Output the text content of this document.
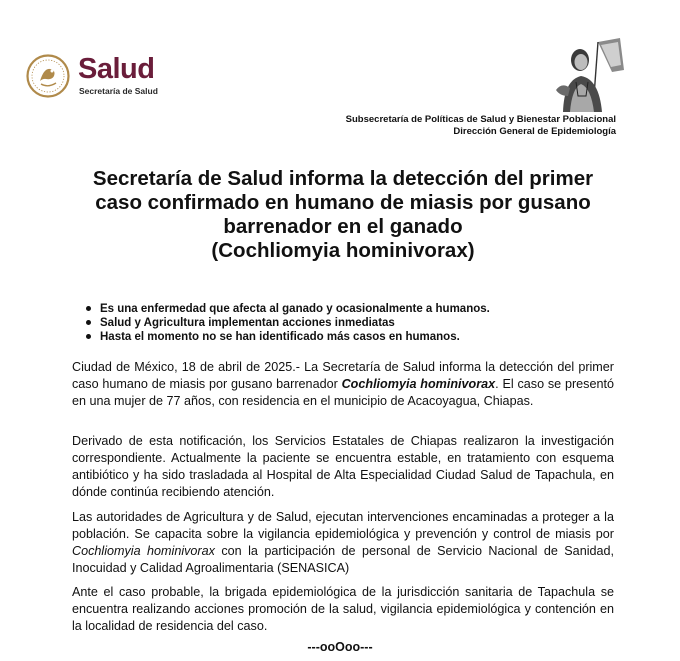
Salud
Secretaría de Salud
Subsecretaría de Políticas de Salud y Bienestar Poblacional
Dirección General de Epidemiología
Secretaría de Salud informa la detección del primer
caso confirmado en humano de miasis por gusano
barrenador en el ganado
(Cochliomyia hominivorax)
Es una enfermedad que afecta al ganado y ocasionalmente a humanos.
Salud y Agricultura implementan acciones inmediatas
Hasta el momento no se han identificado más casos en humanos.
Ciudad de México, 18 de abril de 2025.- La Secretaría de Salud informa la detección del primer caso humano de miasis por gusano barrenador Cochliomyia hominivorax. El caso se presentó en una mujer de 77 años, con residencia en el municipio de Acacoyagua, Chiapas.
Derivado de esta notificación, los Servicios Estatales de Chiapas realizaron la investigación correspondiente. Actualmente la paciente se encuentra estable, en tratamiento con esquema antibiótico y ha sido trasladada al Hospital de Alta Especialidad Ciudad Salud de Tapachula, en dónde continúa recibiendo atención.
Las autoridades de Agricultura y de Salud, ejecutan intervenciones encaminadas a proteger a la población. Se capacita sobre la vigilancia epidemiológica y prevención y control de miasis por Cochliomyia hominivorax con la participación de personal de Servicio Nacional de Sanidad, Inocuidad y Calidad Agroalimentaria (SENASICA)
Ante el caso probable, la brigada epidemiológica de la jurisdicción sanitaria de Tapachula se encuentra realizando acciones promoción de la salud, vigilancia epidemiológica y contención en la localidad de residencia del caso.
---ooOoo---
